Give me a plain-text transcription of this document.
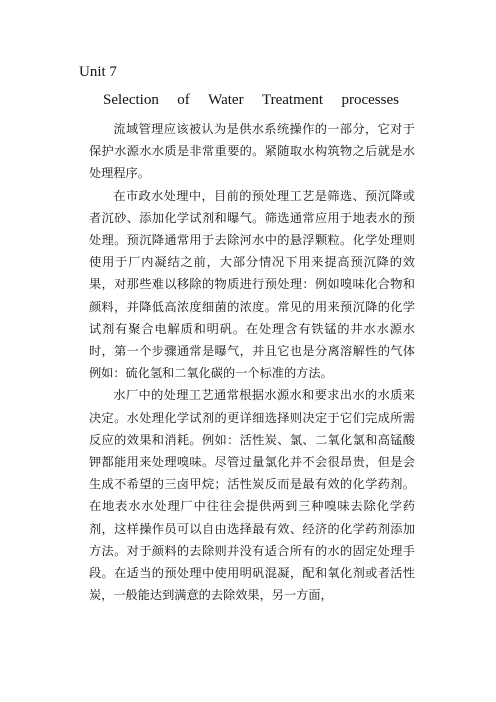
Unit 7
Selection of Water Treatment processes

流域管理应该被认为是供水系统操作的一部分，它对于保护水源水水质是非常重要的。紧随取水构筑物之后就是水处理程序。

在市政水处理中，目前的预处理工艺是筛选、预沉降或者沉砂、添加化学试剂和曝气。筛选通常应用于地表水的预处理。预沉降通常用于去除河水中的悬浮颗粒。化学处理则使用于厂内凝结之前，大部分情况下用来提高预沉降的效果，对那些难以移除的物质进行预处理：例如嗅味化合物和颜料，并降低高浓度细菌的浓度。常见的用来预沉降的化学试剂有聚合电解质和明矾。在处理含有铁锰的井水水源水时，第一个步骤通常是曝气，并且它也是分离溶解性的气体例如：硫化氢和二氧化碳的一个标准的方法。

水厂中的处理工艺通常根据水源水和要求出水的水质来决定。水处理化学试剂的更详细选择则决定于它们完成所需反应的效果和消耗。例如：活性炭、氯、二氧化氯和高锰酸钾都能用来处理嗅味。尽管过量氯化并不会很昂贵，但是会生成不希望的三卤甲烷；活性炭反而是最有效的化学药剂。在地表水水处理厂中往往会提供两到三种嗅味去除化学药剂，这样操作员可以自由选择最有效、经济的化学药剂添加方法。对于颜料的去除则并没有适合所有的水的固定处理手段。在适当的预处理中使用明矾混凝，配和氧化剂或者活性炭，一般能达到满意的去除效果，另一方面，
